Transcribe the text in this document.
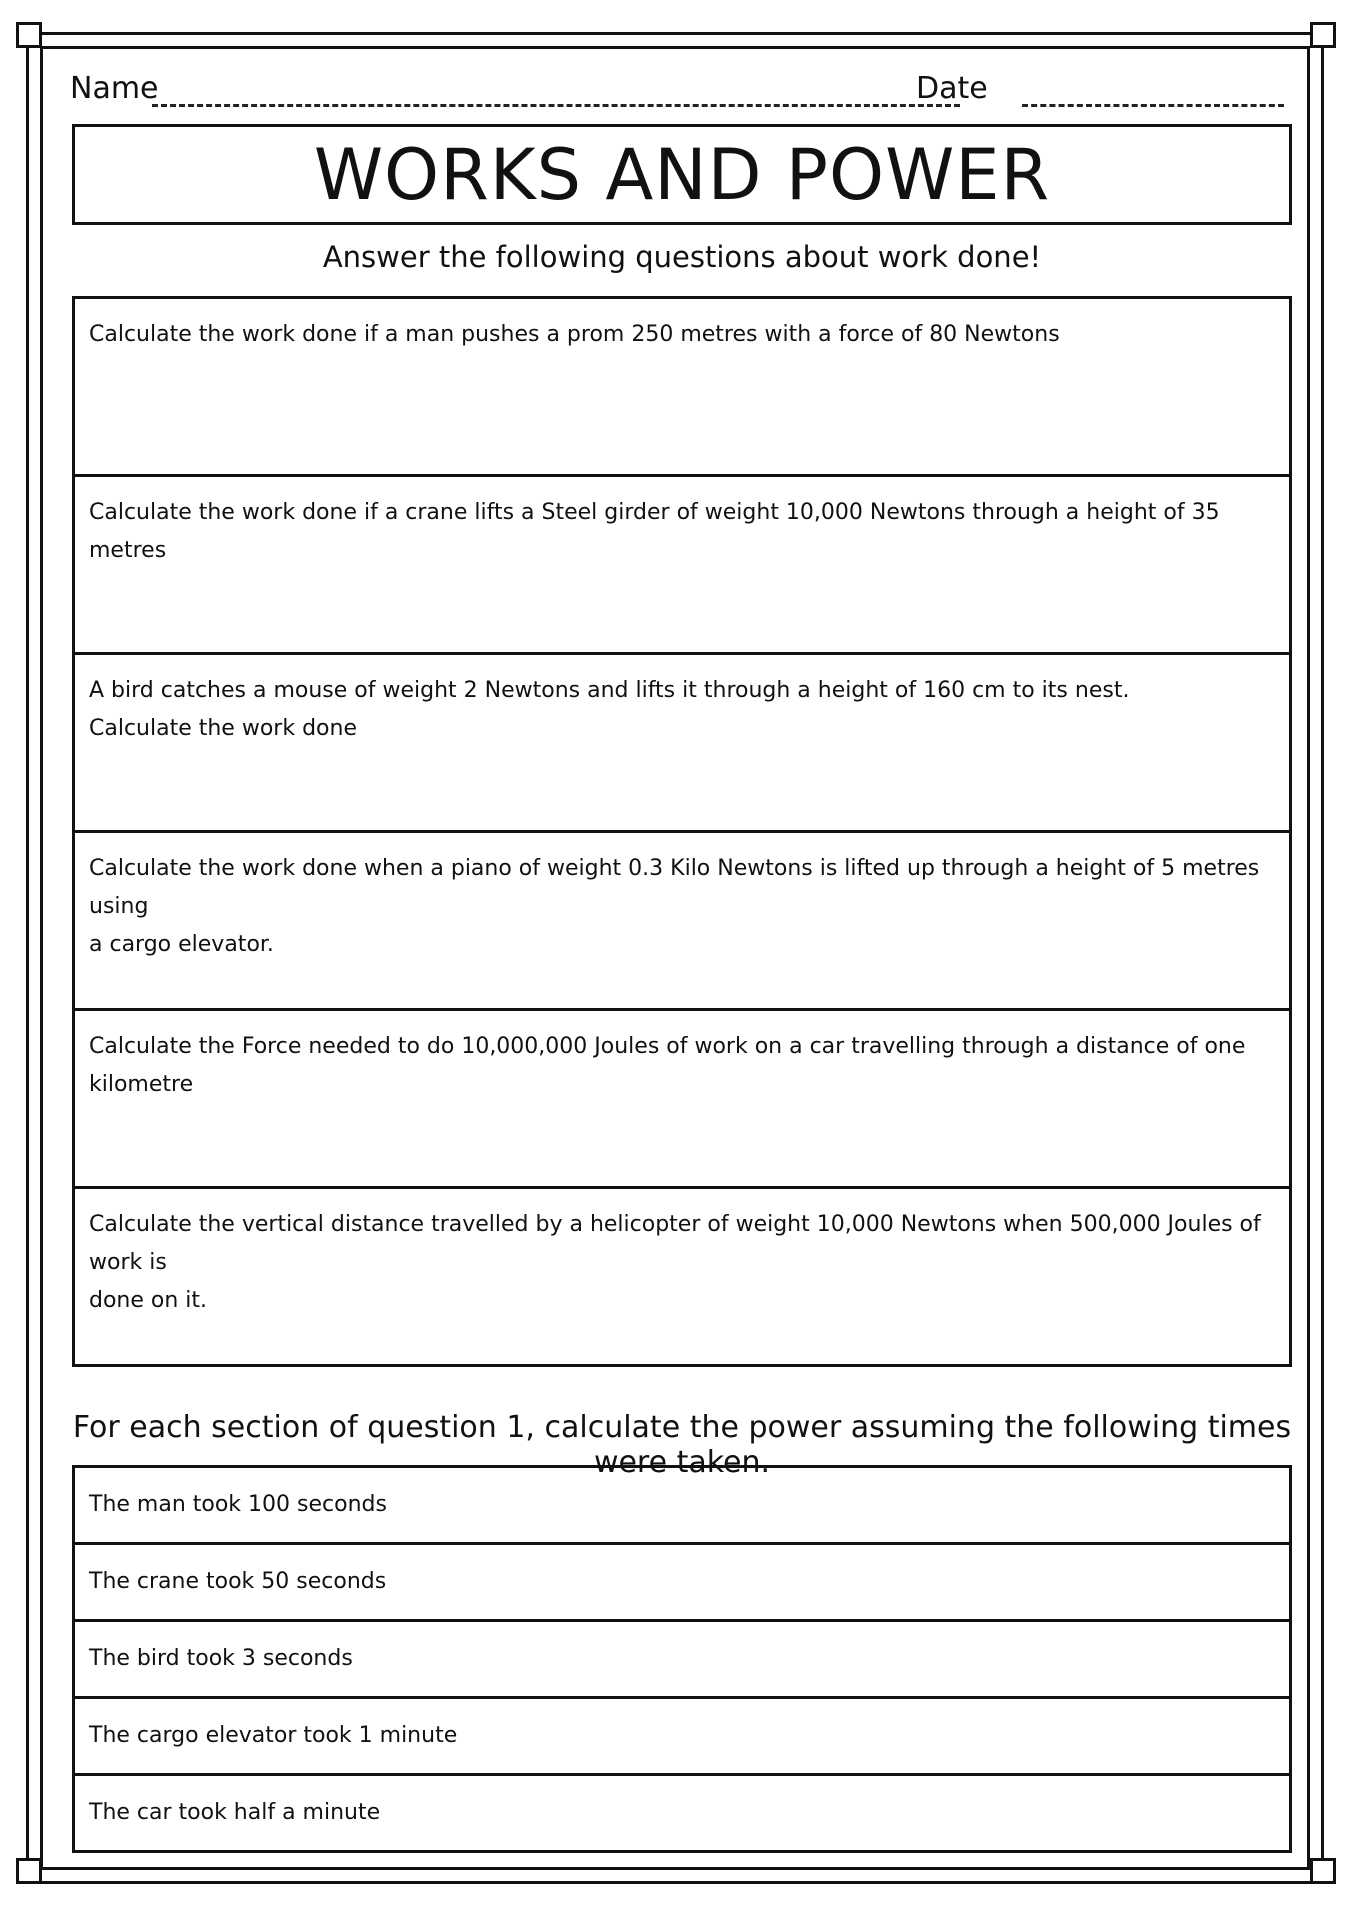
Name	Date
WORKS AND POWER
Answer the following questions about work done!
Calculate the work done if a man pushes a prom 250 metres with a force of 80 Newtons
Calculate the work done if a crane lifts a Steel girder of weight 10,000 Newtons through a height of 35 metres
A bird catches a mouse of weight 2 Newtons and lifts it through a height of 160 cm to its nest.
Calculate the work done
Calculate the work done when a piano of weight 0.3 Kilo Newtons is lifted up through a height of 5 metres using
a cargo elevator.
Calculate the Force needed to do 10,000,000 Joules of work on a car travelling through a distance of one kilometre
Calculate the vertical distance travelled by a helicopter of weight 10,000 Newtons when 500,000 Joules of work is
done on it.
For each section of question 1, calculate the power assuming the following times were taken.
The man took 100 seconds
The crane took 50 seconds
The bird took 3 seconds
The cargo elevator took 1 minute
The car took half a minute
